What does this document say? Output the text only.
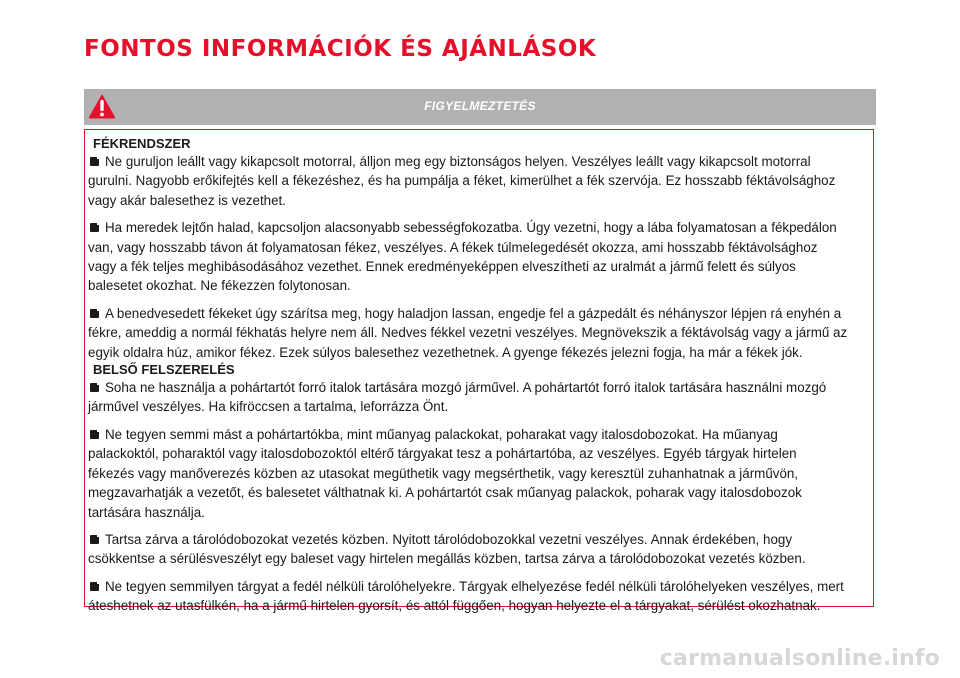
FONTOS INFORMÁCIÓK ÉS AJÁNLÁSOK
FIGYELMEZTETÉS
FÉKRENDSZER
Ne guruljon leállt vagy kikapcsolt motorral, álljon meg egy biztonságos helyen. Veszélyes leállt vagy kikapcsolt motorral
gurulni. Nagyobb erőkifejtés kell a fékezéshez, és ha pumpálja a féket, kimerülhet a fék szervója. Ez hosszabb féktávolsághoz
vagy akár balesethez is vezethet.
Ha meredek lejtőn halad, kapcsoljon alacsonyabb sebességfokozatba. Úgy vezetni, hogy a lába folyamatosan a fékpedálon
van, vagy hosszabb távon át folyamatosan fékez, veszélyes. A fékek túlmelegedését okozza, ami hosszabb féktávolsághoz
vagy a fék teljes meghibásodásához vezethet. Ennek eredményeképpen elveszítheti az uralmát a jármű felett és súlyos
balesetet okozhat. Ne fékezzen folytonosan.
A benedvesedett fékeket úgy szárítsa meg, hogy haladjon lassan, engedje fel a gázpedált és néhányszor lépjen rá enyhén a
fékre, ameddig a normál fékhatás helyre nem áll. Nedves fékkel vezetni veszélyes. Megnövekszik a féktávolság vagy a jármű az
egyik oldalra húz, amikor fékez. Ezek súlyos balesethez vezethetnek. A gyenge fékezés jelezni fogja, ha már a fékek jók.
BELSŐ FELSZERELÉS
Soha ne használja a pohártartót forró italok tartására mozgó járművel. A pohártartót forró italok tartására használni mozgó
járművel veszélyes. Ha kifröccsen a tartalma, leforrázza Önt.
Ne tegyen semmi mást a pohártartókba, mint műanyag palackokat, poharakat vagy italosdobozokat. Ha műanyag
palackoktól, poharaktól vagy italosdobozoktól eltérő tárgyakat tesz a pohártartóba, az veszélyes. Egyéb tárgyak hirtelen
fékezés vagy manőverezés közben az utasokat megüthetik vagy megsérthetik, vagy keresztül zuhanhatnak a járművön,
megzavarhatják a vezetőt, és balesetet válthatnak ki. A pohártartót csak műanyag palackok, poharak vagy italosdobozok
tartására használja.
Tartsa zárva a tárolódobozokat vezetés közben. Nyitott tárolódobozokkal vezetni veszélyes. Annak érdekében, hogy
csökkentse a sérülésveszélyt egy baleset vagy hirtelen megállás közben, tartsa zárva a tárolódobozokat vezetés közben.
Ne tegyen semmilyen tárgyat a fedél nélküli tárolóhelyekre. Tárgyak elhelyezése fedél nélküli tárolóhelyeken veszélyes, mert
áteshetnek az utasfülkén, ha a jármű hirtelen gyorsít, és attól függően, hogyan helyezte el a tárgyakat, sérülést okozhatnak.
carmanualsonline.info
